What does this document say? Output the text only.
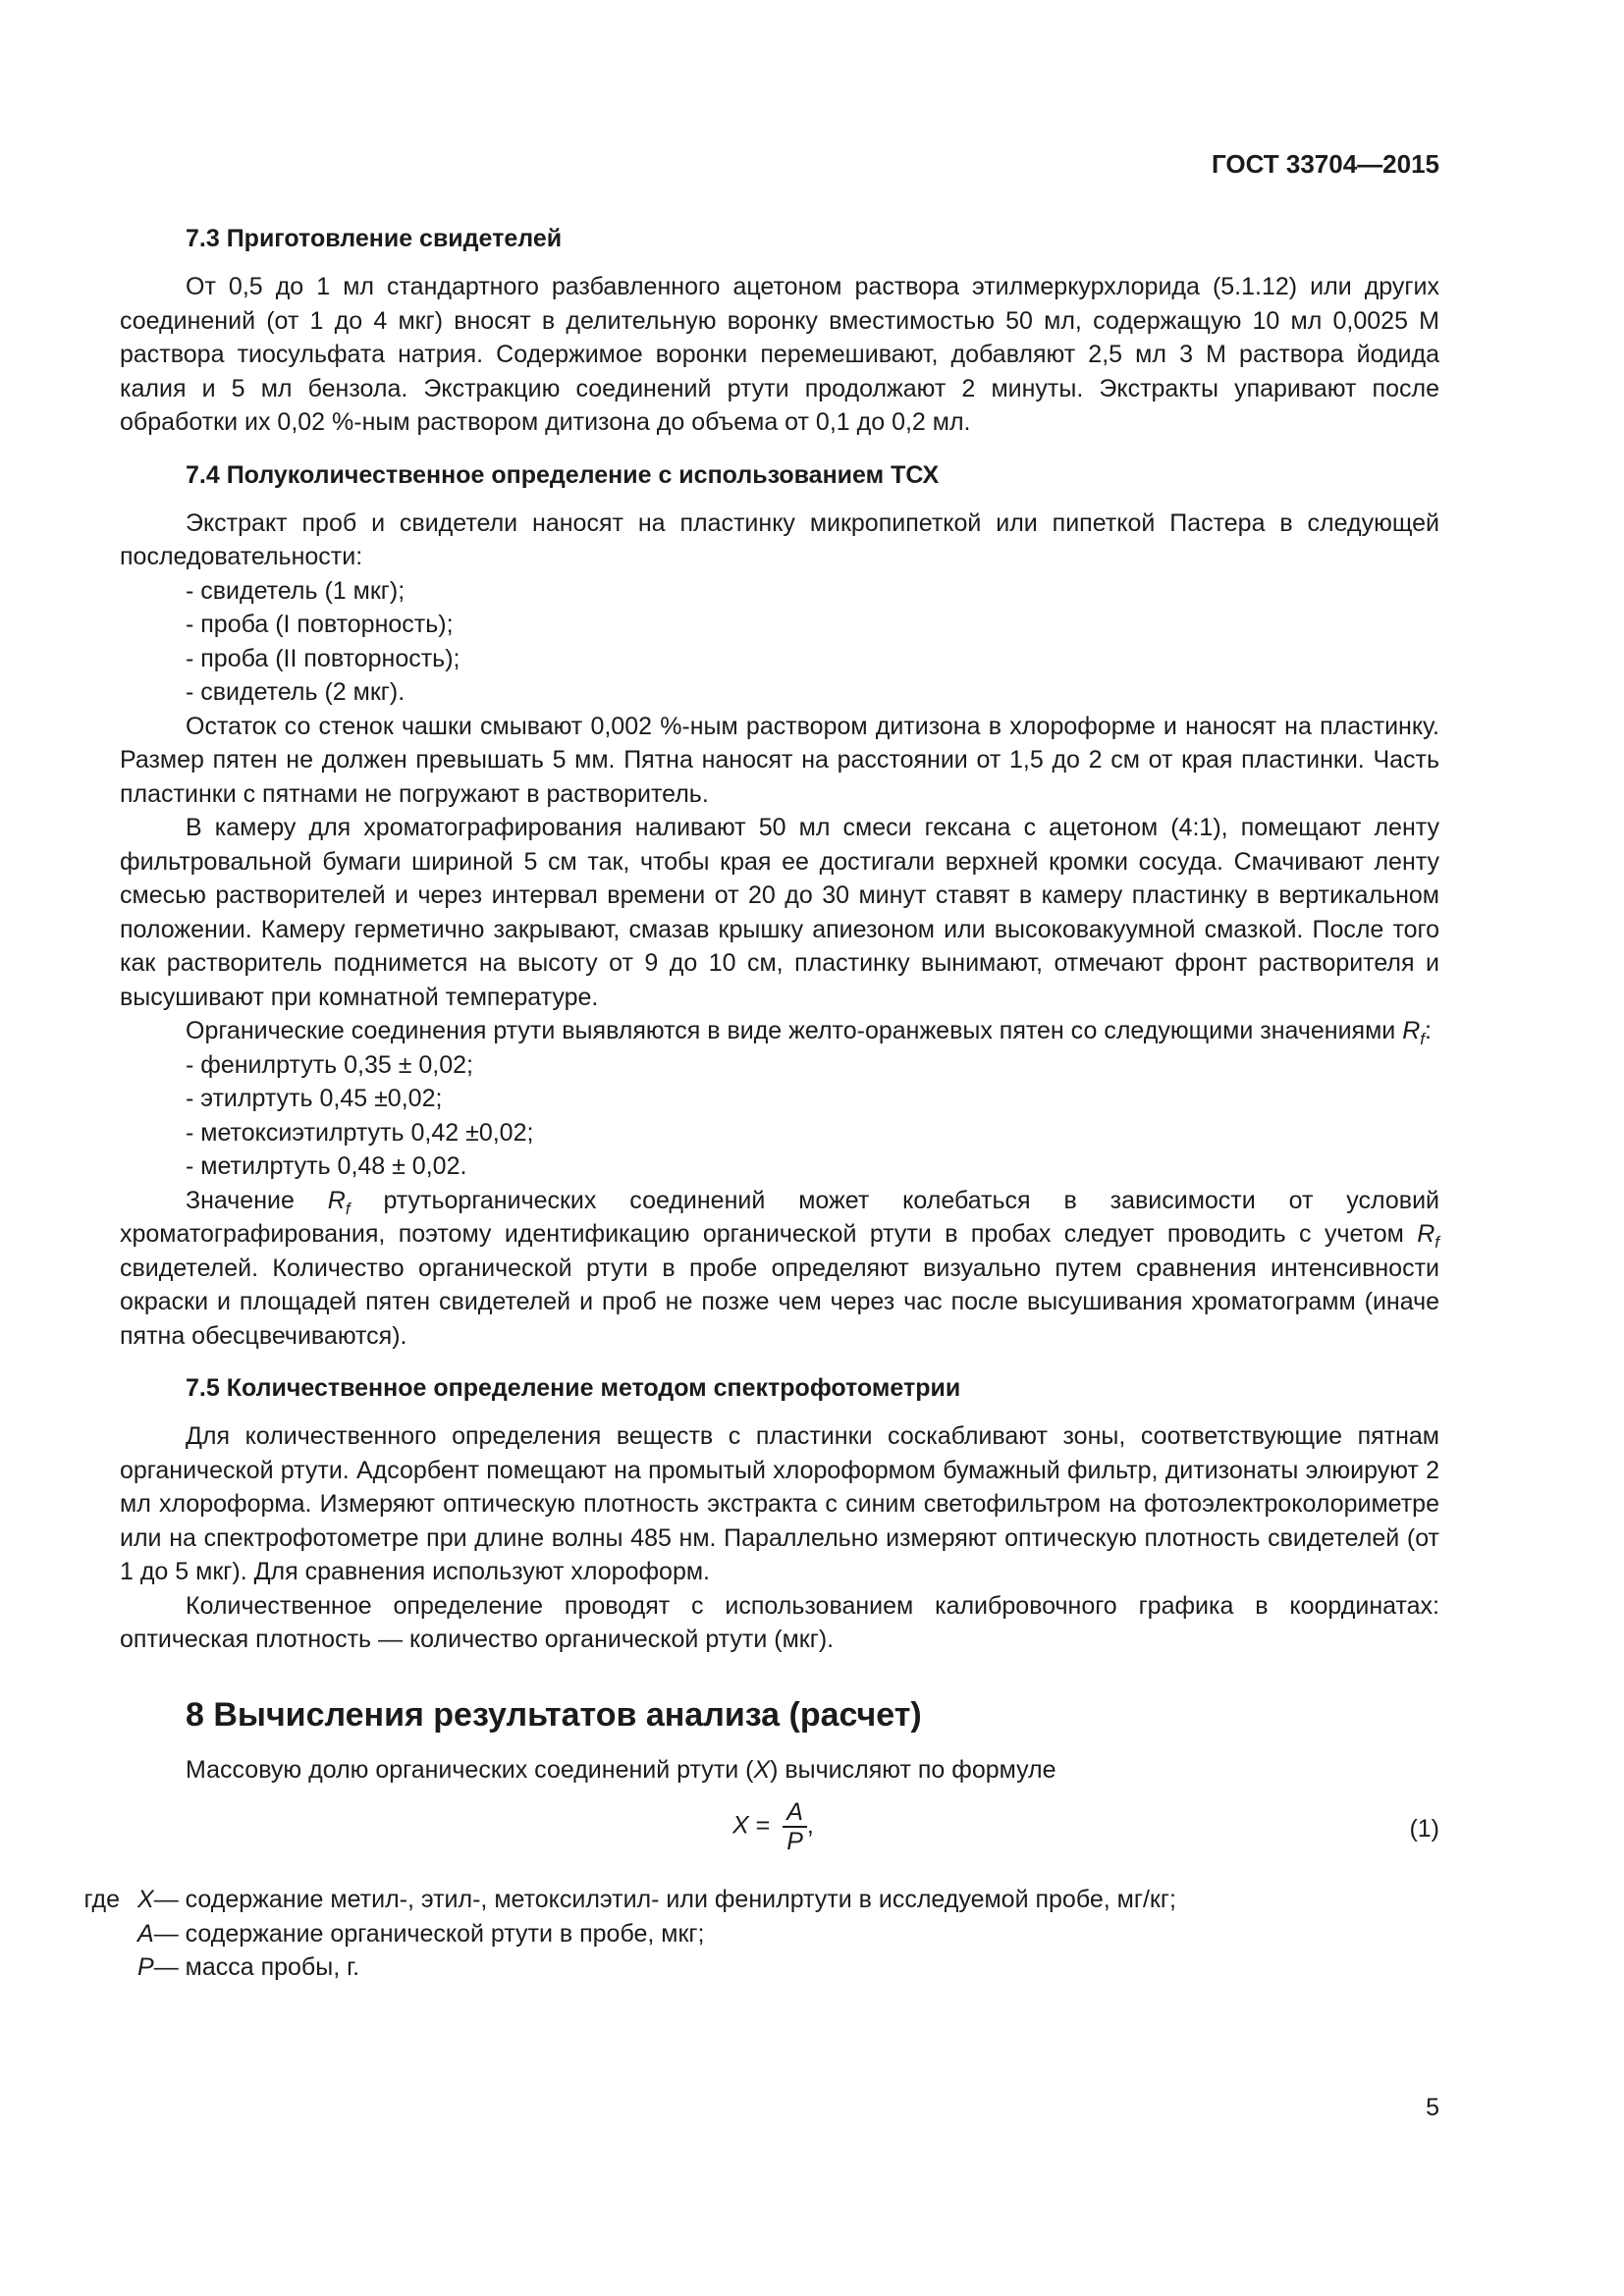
ГОСТ 33704—2015
7.3 Приготовление свидетелей

От 0,5 до 1 мл стандартного разбавленного ацетоном раствора этилмеркурхлорида (5.1.12) или других соединений (от 1 до 4 мкг) вносят в делительную воронку вместимостью 50 мл, содержащую 10 мл 0,0025 М раствора тиосульфата натрия. Содержимое воронки перемешивают, добавляют 2,5 мл 3 М раствора йодида калия и 5 мл бензола. Экстракцию соединений ртути продолжают 2 минуты. Экстракты упаривают после обработки их 0,02 %-ным раствором дитизона до объема от 0,1 до 0,2 мл.

7.4 Полуколичественное определение с использованием ТСХ

Экстракт проб и свидетели наносят на пластинку микропипеткой или пипеткой Пастера в следующей последовательности:

- свидетель (1 мкг);

- проба (I повторность);

- проба (II повторность);

- свидетель (2 мкг).

Остаток со стенок чашки смывают 0,002 %-ным раствором дитизона в хлороформе и наносят на пластинку. Размер пятен не должен превышать 5 мм. Пятна наносят на расстоянии от 1,5 до 2 см от края пластинки. Часть пластинки с пятнами не погружают в растворитель.

В камеру для хроматографирования наливают 50 мл смеси гексана с ацетоном (4:1), помещают ленту фильтровальной бумаги шириной 5 см так, чтобы края ее достигали верхней кромки сосуда. Смачивают ленту смесью растворителей и через интервал времени от 20 до 30 минут ставят в камеру пластинку в вертикальном положении. Камеру герметично закрывают, смазав крышку апиезоном или высоковакуумной смазкой. После того как растворитель поднимется на высоту от 9 до 10 см, пластинку вынимают, отмечают фронт растворителя и высушивают при комнатной температуре.

Органические соединения ртути выявляются в виде желто-оранжевых пятен со следующими значениями $R_f$:

- фенилртуть 0,35 ± 0,02;

- этилртуть 0,45 ±0,02;

- метоксиэтилртуть 0,42 ±0,02;

- метилртуть 0,48 ± 0,02.

Значение $R_f$ ртутьорганических соединений может колебаться в зависимости от условий хроматографирования, поэтому идентификацию органической ртути в пробах следует проводить с учетом $R_f$ свидетелей. Количество органической ртути в пробе определяют визуально путем сравнения интенсивности окраски и площадей пятен свидетелей и проб не позже чем через час после высушивания хроматограмм (иначе пятна обесцвечиваются).

7.5 Количественное определение методом спектрофотометрии

Для количественного определения веществ с пластинки соскабливают зоны, соответствующие пятнам органической ртути. Адсорбент помещают на промытый хлороформом бумажный фильтр, дитизонаты элюируют 2 мл хлороформа. Измеряют оптическую плотность экстракта с синим светофильтром на фотоэлектроколориметре или на спектрофотометре при длине волны 485 нм. Параллельно измеряют оптическую плотность свидетелей (от 1 до 5 мкг). Для сравнения используют хлороформ.

Количественное определение проводят с использованием калибровочного графика в координатах: оптическая плотность — количество органической ртути (мкг).

8 Вычисления результатов анализа (расчет)

Массовую долю органических соединений ртути (X) вычисляют по формуле

$X = \frac{A}{P}$ ,	(1)
где X — содержание метил-, этил-, метоксилэтил- или фенилртути в исследуемой пробе, мг/кг;
A — содержание органической ртути в пробе, мкг;
P — масса пробы, г.
5
